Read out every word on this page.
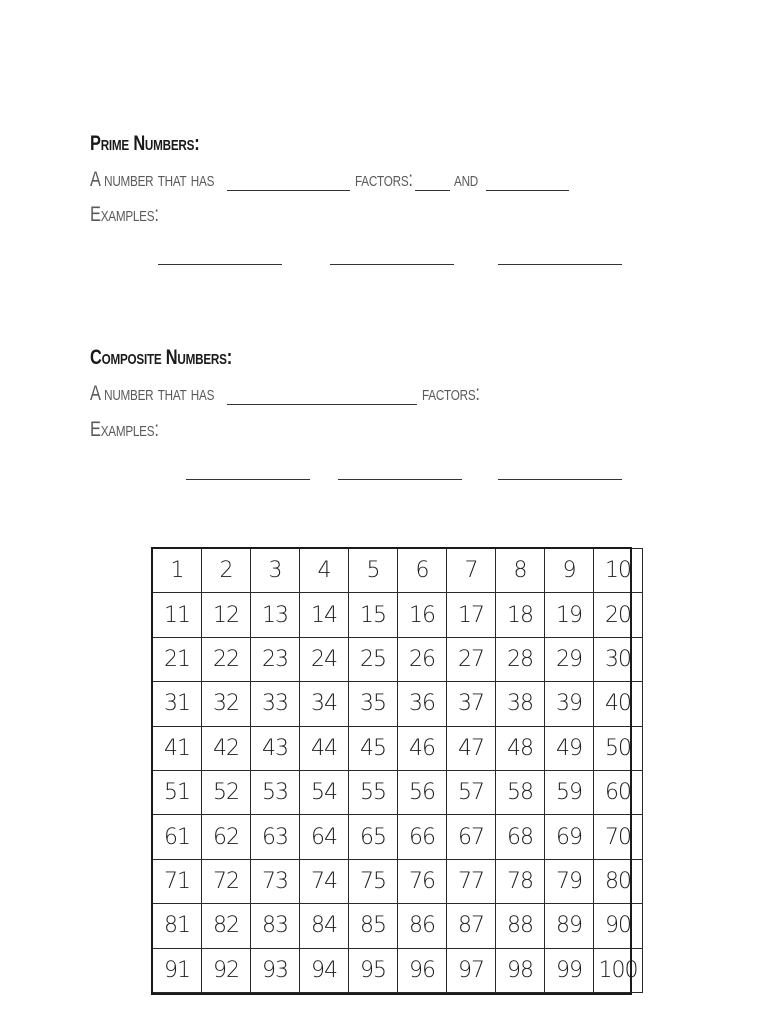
Prime Numbers:
A number that has	factors: and
Examples:
Composite Numbers:
A number that has	factors:
Examples:
1	2	3	4	5	6	7	8	9	10
11	12	13	14	15	16	17	18	19	20
21	22	23	24	25	26	27	28	29	30
31	32	33	34	35	36	37	38	39	40
41	42	43	44	45	46	47	48	49	50
51	52	53	54	55	56	57	58	59	60
61	62	63	64	65	66	67	68	69	70
71	72	73	74	75	76	77	78	79	80
81	82	83	84	85	86	87	88	89	90
91	92	93	94	95	96	97	98	99	100
